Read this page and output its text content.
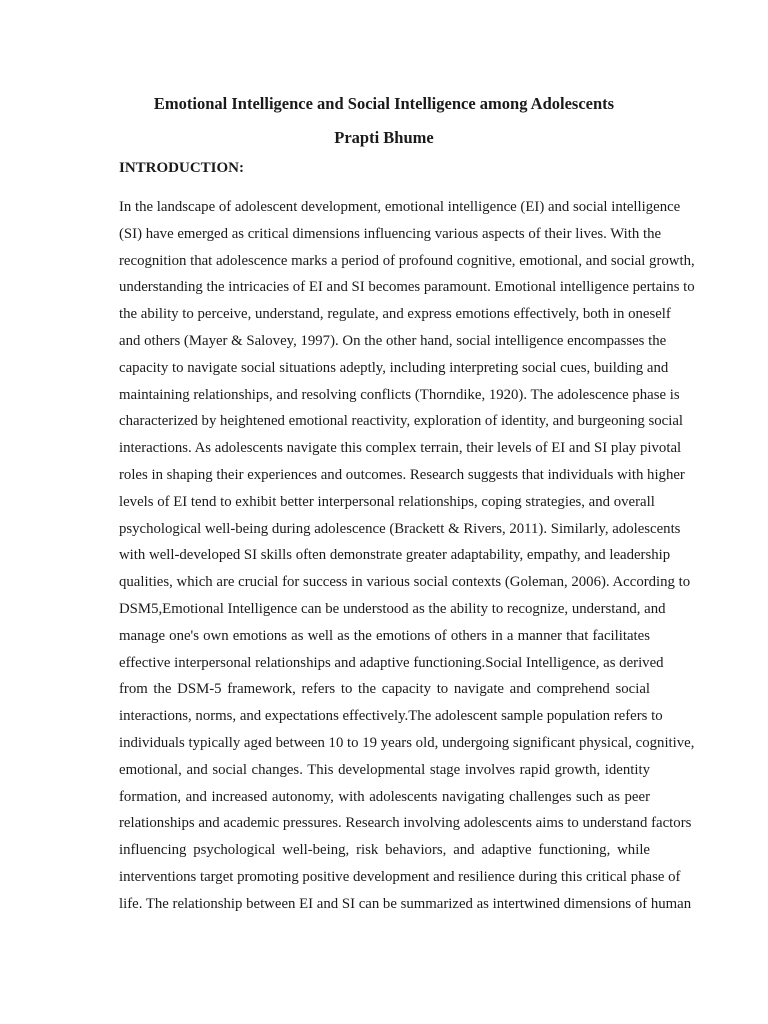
Emotional Intelligence and Social Intelligence among Adolescents
Prapti Bhume
INTRODUCTION:
In the landscape of adolescent development, emotional intelligence (EI) and social intelligence
(SI) have emerged as critical dimensions influencing various aspects of their lives. With the
recognition that adolescence marks a period of profound cognitive, emotional, and social growth,
understanding the intricacies of EI and SI becomes paramount. Emotional intelligence pertains to
the ability to perceive, understand, regulate, and express emotions effectively, both in oneself
and others (Mayer & Salovey, 1997). On the other hand, social intelligence encompasses the
capacity to navigate social situations adeptly, including interpreting social cues, building and
maintaining relationships, and resolving conflicts (Thorndike, 1920). The adolescence phase is
characterized by heightened emotional reactivity, exploration of identity, and burgeoning social
interactions. As adolescents navigate this complex terrain, their levels of EI and SI play pivotal
roles in shaping their experiences and outcomes. Research suggests that individuals with higher
levels of EI tend to exhibit better interpersonal relationships, coping strategies, and overall
psychological well-being during adolescence (Brackett & Rivers, 2011). Similarly, adolescents
with well-developed SI skills often demonstrate greater adaptability, empathy, and leadership
qualities, which are crucial for success in various social contexts (Goleman, 2006). According to
DSM5,Emotional Intelligence can be understood as the ability to recognize, understand, and
manage one's own emotions as well as the emotions of others in a manner that facilitates
effective interpersonal relationships and adaptive functioning.Social Intelligence, as derived
from the DSM-5 framework, refers to the capacity to navigate and comprehend social
interactions, norms, and expectations effectively.The adolescent sample population refers to
individuals typically aged between 10 to 19 years old, undergoing significant physical, cognitive,
emotional, and social changes. This developmental stage involves rapid growth, identity
formation, and increased autonomy, with adolescents navigating challenges such as peer
relationships and academic pressures. Research involving adolescents aims to understand factors
influencing psychological well-being, risk behaviors, and adaptive functioning, while
interventions target promoting positive development and resilience during this critical phase of
life. The relationship between EI and SI can be summarized as intertwined dimensions of human
